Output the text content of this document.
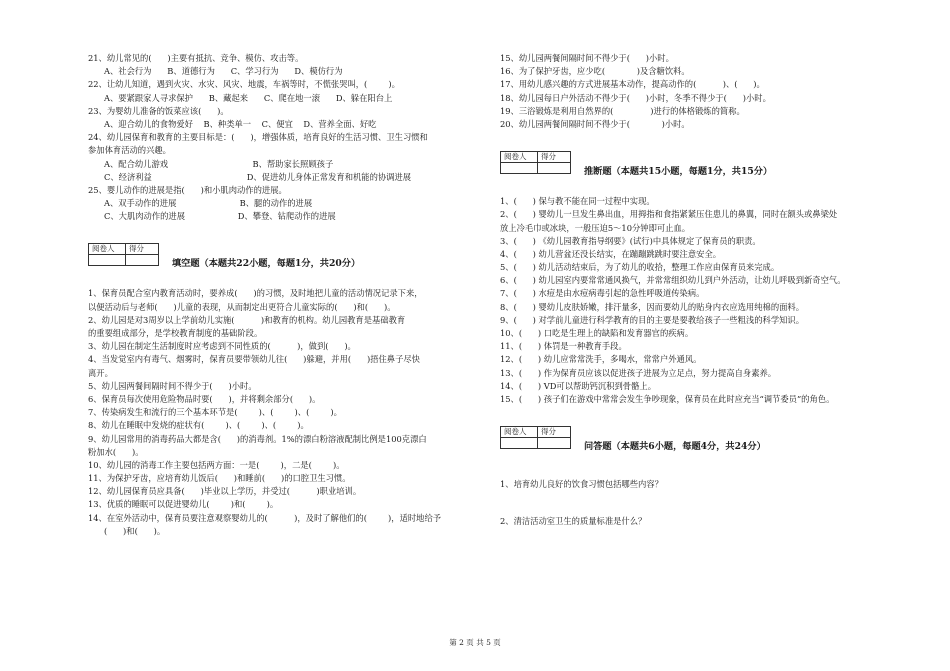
21、幼儿常见的(      )主要有抵抗、竞争、模仿、攻击等。
A、社会行为      B、道德行为      C、学习行为      D、模仿行为
22、让幼儿知道，遇到火灾、水灾、风灾、地震，车祸等时，不慌张哭叫，(        )。
A、要紧跟家人寻求保护      B、藏起来      C、爬在地一滚      D、躲在阳台上
23、为婴幼儿准备的饭菜应该(      )。
A、迎合幼儿的食物爱好    B、种类单一    C、便宜    D、营养全面、好吃
24、幼儿园保育和教育的主要目标是：(      )，增强体质，培育良好的生活习惯、卫生习惯和
参加体育活动的兴趣。
A、配合幼儿游戏                                B、帮助家长照顾孩子
C、经济利益                                    D、促进幼儿身体正常发育和机能的协调进展
25、婴儿动作的进展是指(      )和小肌肉动作的进展。
A、双手动作的进展                        B、腿的动作的进展
C、大肌肉动作的进展                    D、攀登、钻爬动作的进展
阅卷人	得分

填空题（本题共22小题，每题1分，共20分）
1、保育员配合室内教育活动时，要养成(      )的习惯，及时地把儿童的活动情况记录下来，
以便活动后与老师(      )儿童的表现，从而制定出更符合儿童实际的(      )和(      )。
2、幼儿园是对3周岁以上学前幼儿实施(          )和教育的机构。幼儿园教育是基础教育
的重要组成部分，是学校教育制度的基础阶段。
3、幼儿园在制定生活制度时应考虑到不同性质的(          )，做到(      )。
4、当发觉室内有毒气、烟雾时，保育员要带领幼儿往(      )躲避，并用(      )捂住鼻子尽快
离开。
5、幼儿园两餐间隔时间不得少于(      )小时。
6、保育员每次使用危险物品时要(      )，并将剩余部分(      )。
7、传染病发生和流行的三个基本环节是(        )、(        )、(        )。
8、幼儿在睡眠中发烧的症状有(        )、(        )、(        )。
9、幼儿园常用的消毒药品大都是含(      )的消毒剂。1%的漂白粉溶液配制比例是100克漂白
粉加水(      )。
10、幼儿园的消毒工作主要包括两方面：一是(        )，二是(        )。
11、为保护牙齿，应培育幼儿饭后(      )和睡前(      )的口腔卫生习惯。
12、幼儿园保育员应具备(      )毕业以上学历，并受过(          )职业培训。
13、优质的睡眠可以促进婴幼儿(        )和(        )。
14、在室外活动中，保育员要注意观察婴幼儿的(          )，及时了解他们的(        )，适时地给予
(      )和(      )。
15、幼儿园两餐间隔时间不得少于(      )小时。
16、为了保护牙齿，应少吃(            )及含糖饮料。
17、用幼儿感兴趣的方式进展基本动作，提高动作的(          )、(      )。
18、幼儿园每日户外活动不得少于(      )小时，冬季不得少于(      )小时。
19、三浴锻炼是利用自然界的(              )进行的体格锻炼的简称。
20、幼儿园两餐间隔时间不得少于(            )小时。
阅卷人	得分

推断题（本题共15小题，每题1分，共15分）
1、(      ) 保与教不能在同一过程中实现。
2、(      ) 婴幼儿一旦发生鼻出血，用拇指和食指紧紧压住患儿的鼻翼，同时在额头或鼻梁处
放上冷毛巾或冰块，一般压迫5～10分钟即可止血。
3、(      ) 《幼儿园教育指导纲要》(试行)中具体规定了保育员的职责。
4、(      ) 幼儿营盆还没长结实，在蹦蹦跳跳时要注意安全。
5、(      ) 幼儿活动结束后，为了幼儿的收拾，整理工作应由保育员来完成。
6、(      ) 幼儿园室内要常常通风换气，并常常组织幼儿到户外活动，让幼儿呼吸到新奇空气。
7、(      ) 水痘是由水痘病毒引起的急性呼吸道传染病。
8、(      ) 婴幼儿皮肤娇嫩，排汗量多，因而要幼儿的贴身内衣应选用纯棉的面料。
9、(      ) 对学前儿童进行科学教育的目的主要是要教给孩子一些粗浅的科学知识。
10、(      ) 口吃是生理上的缺陷和发育器官的疾病。
11、(      ) 体罚是一种教育手段。
12、(      ) 幼儿应常常洗手，多喝水，常常户外通风。
13、(      ) 作为保育员应该以促进孩子进展为立足点，努力提高自身素养。
14、(      ) VD可以帮助钙沉积到骨骼上。
15、(      ) 孩子们在游戏中常常会发生争吵现象，保育员在此时应充当“调节委员”的角色。
阅卷人	得分

问答题（本题共6小题，每题4分，共24分）
1、培育幼儿良好的饮食习惯包括哪些内容？
2、清洁活动室卫生的质量标准是什么？
第 2 页 共 5 页
